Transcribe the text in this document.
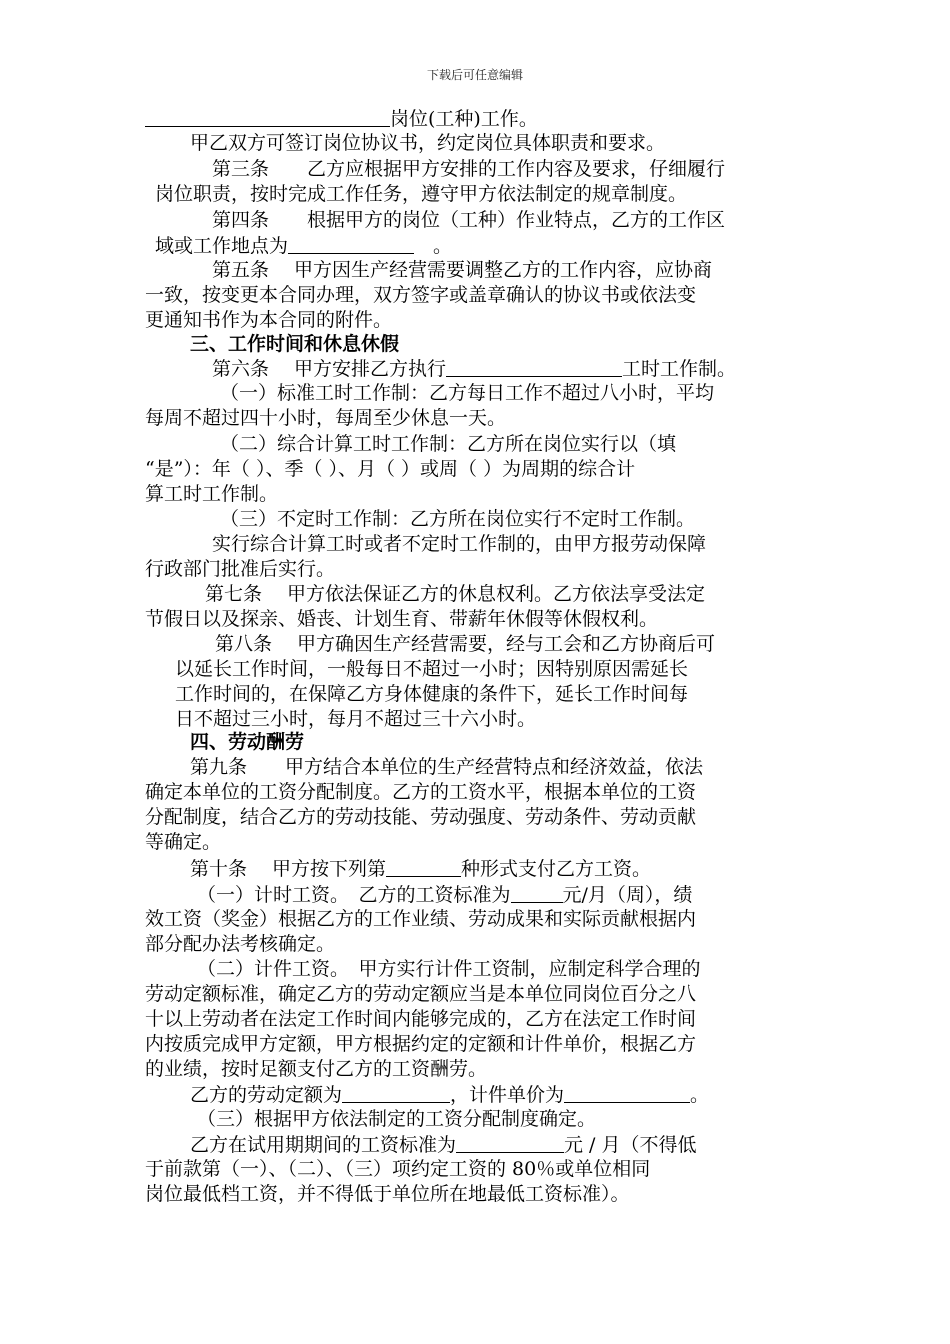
下载后可任意编辑
岗位(工种)工作。
甲乙双方可签订岗位协议书，约定岗位具体职责和要求。
第三条　　乙方应根据甲方安排的工作内容及要求，仔细履行
岗位职责，按时完成工作任务，遵守甲方依法制定的规章制度。
第四条　　根据甲方的岗位（工种）作业特点，乙方的工作区
域或工作地点为	　。
第五条　 甲方因生产经营需要调整乙方的工作内容，应协商
一致，按变更本合同办理，双方签字或盖章确认的协议书或依法变
更通知书作为本合同的附件。
三、工作时间和休息休假
第六条　 甲方安排乙方执行	工时工作制。
（一）标准工时工作制：乙方每日工作不超过八小时，平均
每周不超过四十小时，每周至少休息一天。
（二）综合计算工时工作制：乙方所在岗位实行以（填
“是”）：年（ ）、季（ ）、月（ ）或周（ ）为周期的综合计
算工时工作制。
（三）不定时工作制：乙方所在岗位实行不定时工作制。
实行综合计算工时或者不定时工作制的，由甲方报劳动保障
行政部门批准后实行。
第七条　 甲方依法保证乙方的休息权利。乙方依法享受法定
节假日以及探亲、婚丧、计划生育、带薪年休假等休假权利。
第八条　 甲方确因生产经营需要，经与工会和乙方协商后可
以延长工作时间，一般每日不超过一小时；因特别原因需延长
工作时间的，在保障乙方身体健康的条件下，延长工作时间每
日不超过三小时，每月不超过三十六小时。
四、劳动酬劳
第九条　　甲方结合本单位的生产经营特点和经济效益，依法
确定本单位的工资分配制度。乙方的工资水平，根据本单位的工资
分配制度，结合乙方的劳动技能、劳动强度、劳动条件、劳动贡献
等确定。
第十条　 甲方按下列第	种形式支付乙方工资。
（一）计时工资。　乙方的工资标准为	元/月（周），绩
效工资（奖金）根据乙方的工作业绩、劳动成果和实际贡献根据内
部分配办法考核确定。
（二）计件工资。　甲方实行计件工资制，应制定科学合理的
劳动定额标准，确定乙方的劳动定额应当是本单位同岗位百分之八
十以上劳动者在法定工作时间内能够完成的，乙方在法定工作时间
内按质完成甲方定额，甲方根据约定的定额和计件单价，根据乙方
的业绩，按时足额支付乙方的工资酬劳。
乙方的劳动定额为	，计件单价为	。
（三）根据甲方依法制定的工资分配制度确定。
乙方在试用期期间的工资标准为	元 / 月（不得低
于前款第（一）、（二）、（三）项约定工资的 80％或单位相同
岗位最低档工资，并不得低于单位所在地最低工资标准）。
